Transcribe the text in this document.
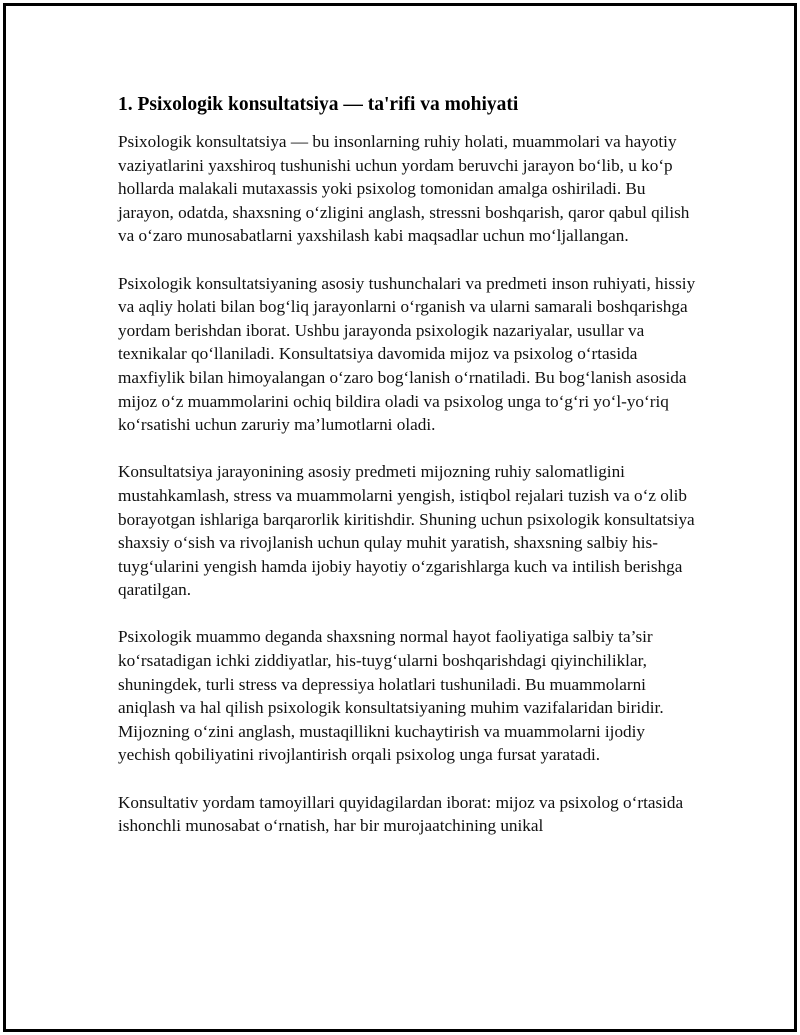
1. Psixologik konsultatsiya — ta'rifi va mohiyati

Psixologik konsultatsiya — bu insonlarning ruhiy holati, muammolari va hayotiy vaziyatlarini yaxshiroq tushunishi uchun yordam beruvchi jarayon bo‘lib, u ko‘p hollarda malakali mutaxassis yoki psixolog tomonidan amalga oshiriladi. Bu jarayon, odatda, shaxsning o‘zligini anglash, stressni boshqarish, qaror qabul qilish va o‘zaro munosabatlarni yaxshilash kabi maqsadlar uchun mo‘ljallangan.

Psixologik konsultatsiyaning asosiy tushunchalari va predmeti inson ruhiyati, hissiy va aqliy holati bilan bog‘liq jarayonlarni o‘rganish va ularni samarali boshqarishga yordam berishdan iborat. Ushbu jarayonda psixologik nazariyalar, usullar va texnikalar qo‘llaniladi. Konsultatsiya davomida mijoz va psixolog o‘rtasida maxfiylik bilan himoyalangan o‘zaro bog‘lanish o‘rnatiladi. Bu bog‘lanish asosida mijoz o‘z muammolarini ochiq bildira oladi va psixolog unga to‘g‘ri yo‘l-yo‘riq ko‘rsatishi uchun zaruriy ma’lumotlarni oladi.

Konsultatsiya jarayonining asosiy predmeti mijozning ruhiy salomatligini mustahkamlash, stress va muammolarni yengish, istiqbol rejalari tuzish va o‘z olib borayotgan ishlariga barqarorlik kiritishdir. Shuning uchun psixologik konsultatsiya shaxsiy o‘sish va rivojlanish uchun qulay muhit yaratish, shaxsning salbiy his-tuyg‘ularini yengish hamda ijobiy hayotiy o‘zgarishlarga kuch va intilish berishga qaratilgan.

Psixologik muammo deganda shaxsning normal hayot faoliyatiga salbiy ta’sir ko‘rsatadigan ichki ziddiyatlar, his-tuyg‘ularni boshqarishdagi qiyinchiliklar, shuningdek, turli stress va depressiya holatlari tushuniladi. Bu muammolarni aniqlash va hal qilish psixologik konsultatsiyaning muhim vazifalaridan biridir. Mijozning o‘zini anglash, mustaqillikni kuchaytirish va muammolarni ijodiy yechish qobiliyatini rivojlantirish orqali psixolog unga fursat yaratadi.

Konsultativ yordam tamoyillari quyidagilardan iborat: mijoz va psixolog o‘rtasida ishonchli munosabat o‘rnatish, har bir murojaatchining unikal
